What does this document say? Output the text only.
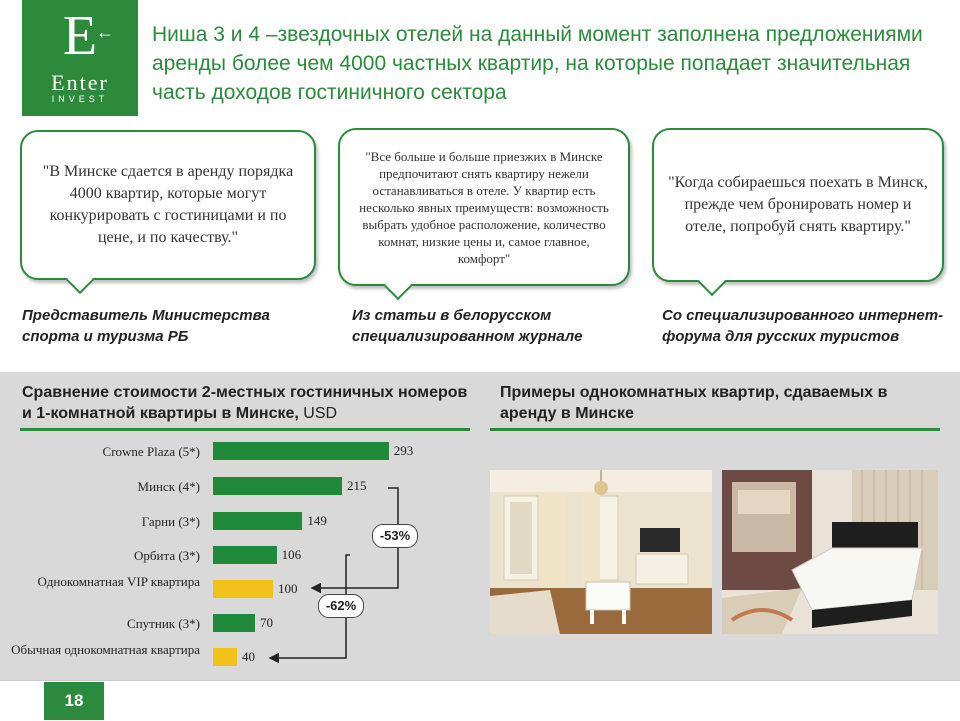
E
←
Enter
INVEST
Ниша 3 и 4 –звездочных отелей на данный момент заполнена предложениями аренды более чем 4000 частных квартир, на которые попадает значительная часть доходов гостиничного сектора
"В Минске сдается в аренду порядка 4000 квартир, которые могут конкурировать с гостиницами и по цене, и по качеству."
"Все больше и больше приезжих в Минске предпочитают снять квартиру нежели останавливаться в отеле. У квартир есть несколько явных преимуществ: возможность выбрать удобное расположение, количество комнат, низкие цены и, самое главное, комфорт"
"Когда собираешься поехать в Минск, прежде чем бронировать номер и отеле, попробуй снять квартиру."
Представитель Министерства спорта и туризма РБ
Из статьи в белорусском специализированном журнале
Со специализированного интернет-форума для русских туристов
Сравнение стоимости 2-местных гостиничных номеров и 1-комнатной квартиры в Минске, USD
Примеры однокомнатных квартир, сдаваемых в аренду в Минске
Crowne Plaza (5*)	293
Минск (4*)	215
Гарни (3*)	149
Орбита (3*)	106
Однокомнатная VIP квартира	100
Спутник (3*)	70
Обычная однокомнатная квартира	40
-53%
-62%
18
